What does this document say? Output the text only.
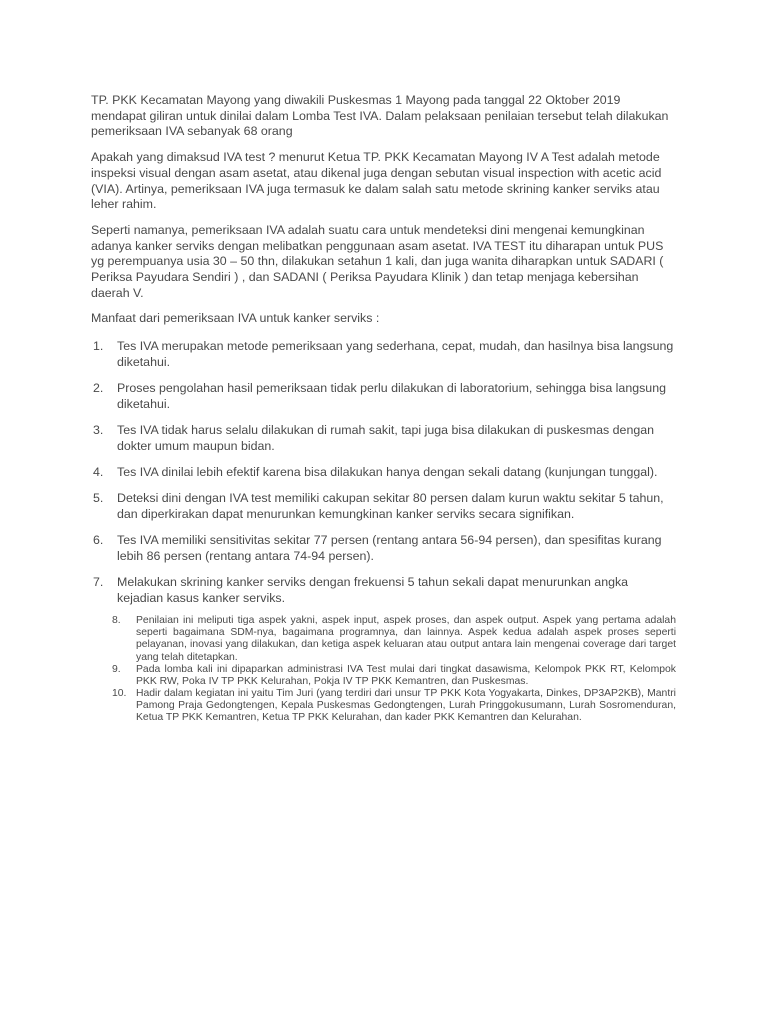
TP. PKK Kecamatan Mayong yang diwakili Puskesmas 1 Mayong pada tanggal 22 Oktober 2019 mendapat giliran untuk dinilai dalam Lomba Test IVA. Dalam pelaksaan penilaian tersebut telah dilakukan pemeriksaan IVA sebanyak 68 orang

Apakah yang dimaksud IVA test ? menurut Ketua TP. PKK Kecamatan Mayong IV A Test adalah metode inspeksi visual dengan asam asetat, atau dikenal juga dengan sebutan visual inspection with acetic acid (VIA). Artinya, pemeriksaan IVA juga termasuk ke dalam salah satu metode skrining kanker serviks atau leher rahim.

Seperti namanya, pemeriksaan IVA adalah suatu cara untuk mendeteksi dini mengenai kemungkinan adanya kanker serviks dengan melibatkan penggunaan asam asetat. IVA TEST itu diharapan untuk PUS yg perempuanya usia 30 – 50 thn, dilakukan setahun 1 kali, dan juga wanita diharapkan untuk SADARI ( Periksa Payudara Sendiri ) , dan SADANI ( Periksa Payudara Klinik ) dan tetap menjaga kebersihan daerah V.

Manfaat dari pemeriksaan IVA untuk kanker serviks :

1. Tes IVA merupakan metode pemeriksaan yang sederhana, cepat, mudah, dan hasilnya bisa langsung diketahui.
2. Proses pengolahan hasil pemeriksaan tidak perlu dilakukan di laboratorium, sehingga bisa langsung diketahui.
3. Tes IVA tidak harus selalu dilakukan di rumah sakit, tapi juga bisa dilakukan di puskesmas dengan dokter umum maupun bidan.
4. Tes IVA dinilai lebih efektif karena bisa dilakukan hanya dengan sekali datang (kunjungan tunggal).
5. Deteksi dini dengan IVA test memiliki cakupan sekitar 80 persen dalam kurun waktu sekitar 5 tahun, dan diperkirakan dapat menurunkan kemungkinan kanker serviks secara signifikan.
6. Tes IVA memiliki sensitivitas sekitar 77 persen (rentang antara 56-94 persen), dan spesifitas kurang lebih 86 persen (rentang antara 74-94 persen).
7. Melakukan skrining kanker serviks dengan frekuensi 5 tahun sekali dapat menurunkan angka kejadian kasus kanker serviks.
8. Penilaian ini meliputi tiga aspek yakni, aspek input, aspek proses, dan aspek output. Aspek yang pertama adalah seperti bagaimana SDM-nya, bagaimana programnya, dan lainnya. Aspek kedua adalah aspek proses seperti pelayanan, inovasi yang dilakukan, dan ketiga aspek keluaran atau output antara lain mengenai coverage dari target yang telah ditetapkan.
9. Pada lomba kali ini dipaparkan administrasi IVA Test mulai dari tingkat dasawisma, Kelompok PKK RT, Kelompok PKK RW, Poka IV TP PKK Kelurahan, Pokja IV TP PKK Kemantren, dan Puskesmas.
10. Hadir dalam kegiatan ini yaitu Tim Juri (yang terdiri dari unsur TP PKK Kota Yogyakarta, Dinkes, DP3AP2KB), Mantri Pamong Praja Gedongtengen, Kepala Puskesmas Gedongtengen, Lurah Pringgokusumann, Lurah Sosromenduran, Ketua TP PKK Kemantren, Ketua TP PKK Kelurahan, dan kader PKK Kemantren dan Kelurahan.
